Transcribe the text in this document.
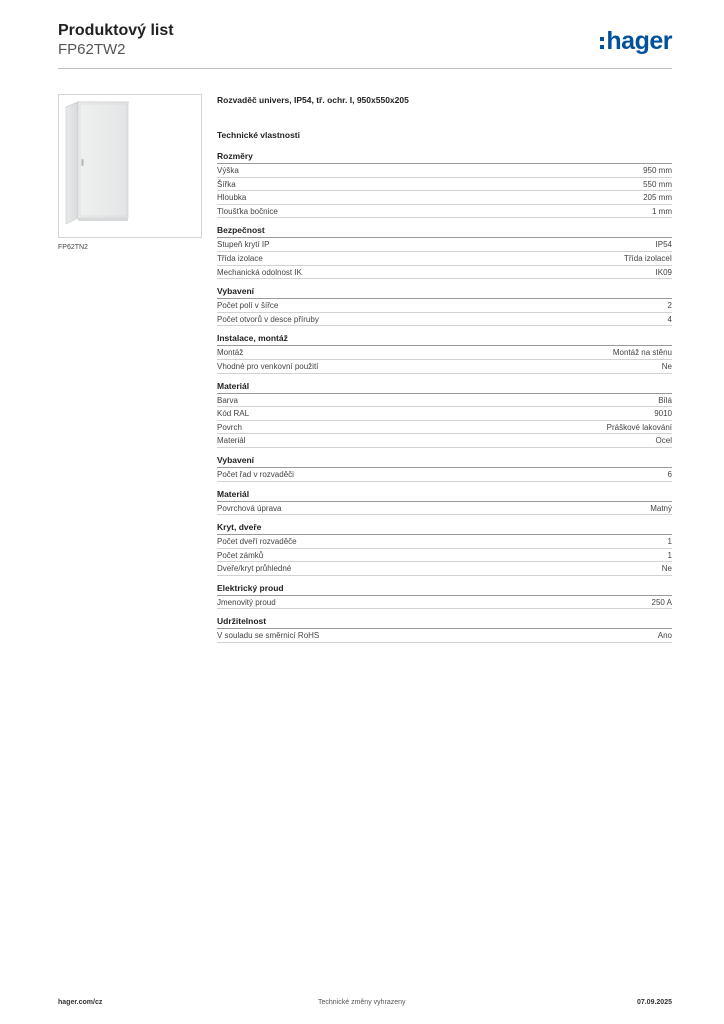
Produktový list
FP62TW2	hager
FP62TN2
Rozvaděč univers, IP54, tř. ochr. I, 950x550x205
Technické vlastnosti
Rozměry
Výška	950 mm
Šířka	550 mm
Hloubka	205 mm
Tloušťka bočnice	1 mm
Bezpečnost
Stupeň krytí IP	IP54
Třída izolace	Třída izolaceI
Mechanická odolnost IK	IK09
Vybavení
Počet polí v šířce	2
Počet otvorů v desce příruby	4
Instalace, montáž
Montáž	Montáž na stěnu
Vhodné pro venkovní použití	Ne
Materiál
Barva	Bílá
Kód RAL	9010
Povrch	Práškové lakování
Materiál	Ocel
Vybavení
Počet řad v rozvaděči	6
Materiál
Povrchová úprava	Matný
Kryt, dveře
Počet dveří rozvaděče	1
Počet zámků	1
Dveře/kryt průhledné	Ne
Elektrický proud
Jmenovitý proud	250 A
Udržitelnost
V souladu se směrnicí RoHS	Ano
hager.com/cz	Technické změny vyhrazeny	07.09.2025
